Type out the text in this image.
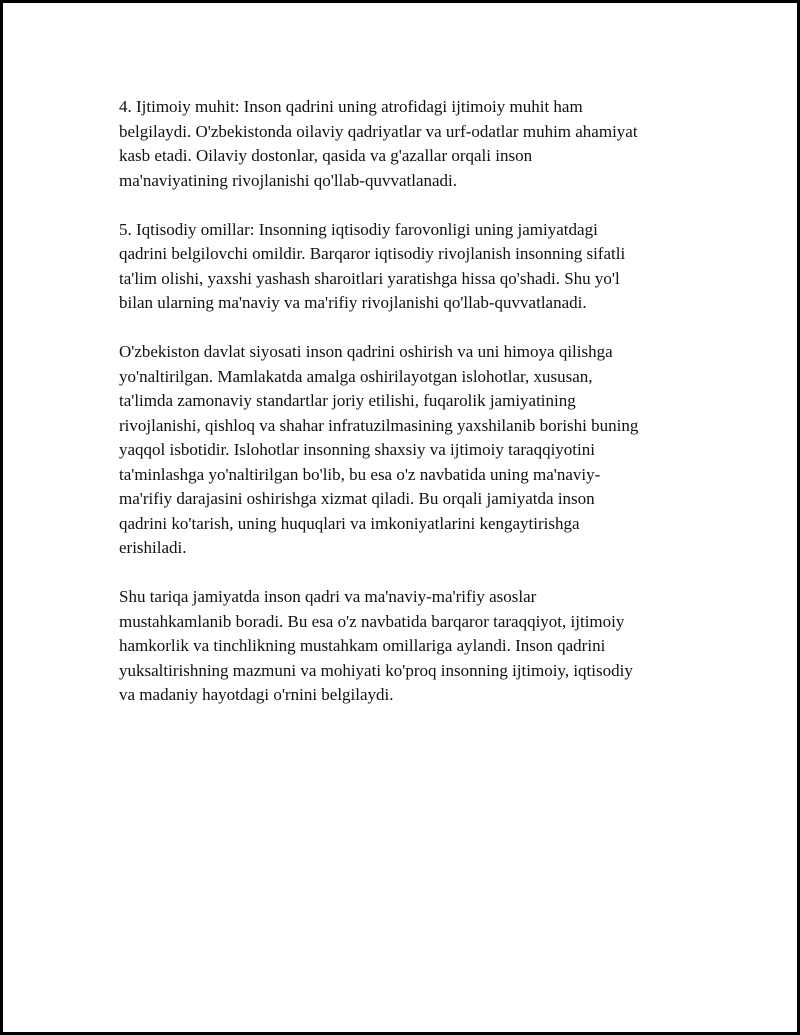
4. Ijtimoiy muhit: Inson qadrini uning atrofidagi ijtimoiy muhit ham
belgilaydi. O'zbekistonda oilaviy qadriyatlar va urf-odatlar muhim ahamiyat
kasb etadi. Oilaviy dostonlar, qasida va g'azallar orqali inson
ma'naviyatining rivojlanishi qo'llab-quvvatlanadi.

5. Iqtisodiy omillar: Insonning iqtisodiy farovonligi uning jamiyatdagi
qadrini belgilovchi omildir. Barqaror iqtisodiy rivojlanish insonning sifatli
ta'lim olishi, yaxshi yashash sharoitlari yaratishga hissa qo'shadi. Shu yo'l
bilan ularning ma'naviy va ma'rifiy rivojlanishi qo'llab-quvvatlanadi.

O'zbekiston davlat siyosati inson qadrini oshirish va uni himoya qilishga
yo'naltirilgan. Mamlakatda amalga oshirilayotgan islohotlar, xususan,
ta'limda zamonaviy standartlar joriy etilishi, fuqarolik jamiyatining
rivojlanishi, qishloq va shahar infratuzilmasining yaxshilanib borishi buning
yaqqol isbotidir. Islohotlar insonning shaxsiy va ijtimoiy taraqqiyotini
ta'minlashga yo'naltirilgan bo'lib, bu esa o'z navbatida uning ma'naviy-
ma'rifiy darajasini oshirishga xizmat qiladi. Bu orqali jamiyatda inson
qadrini ko'tarish, uning huquqlari va imkoniyatlarini kengaytirishga
erishiladi.

Shu tariqa jamiyatda inson qadri va ma'naviy-ma'rifiy asoslar
mustahkamlanib boradi. Bu esa o'z navbatida barqaror taraqqiyot, ijtimoiy
hamkorlik va tinchlikning mustahkam omillariga aylandi. Inson qadrini
yuksaltirishning mazmuni va mohiyati ko'proq insonning ijtimoiy, iqtisodiy
va madaniy hayotdagi o'rnini belgilaydi.
